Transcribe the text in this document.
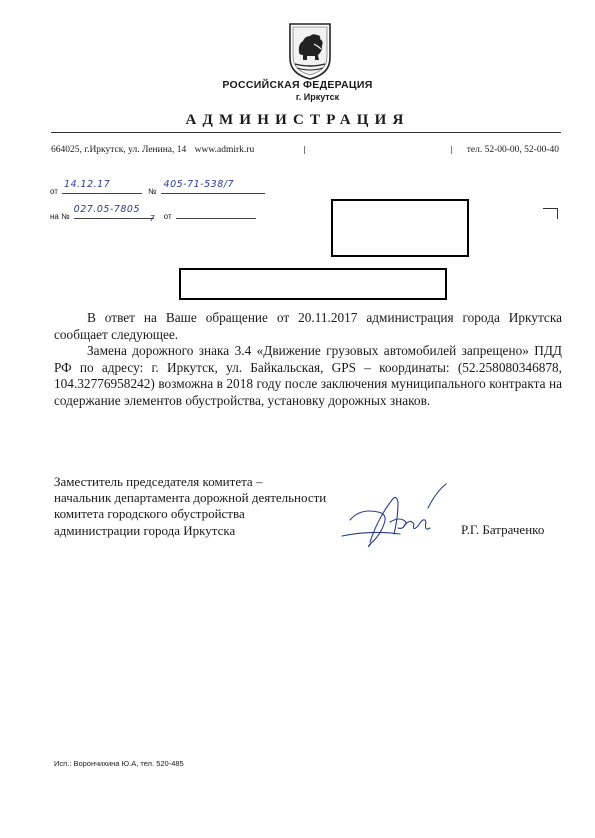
РОССИЙСКАЯ ФЕДЕРАЦИЯ
г. Иркутск
АДМИНИСТРАЦИЯ
664025, г.Иркутск, ул. Ленина, 14 www.admirk.ru	тел. 52-00-00, 52-00-40
от
14.12.17
№
405-71-538/7
на №
027.05-7805
7 от

В ответ на Ваше обращение от 20.11.2017 администрация города Иркутска сообщает следующее.

Замена дорожного знака 3.4 «Движение грузовых автомобилей запрещено» ПДД РФ по адресу: г. Иркутск, ул. Байкальская, GPS – координаты: (52.258080346878, 104.32776958242) возможна в 2018 году после заключения муниципального контракта на содержание элементов обустройства, установку дорожных знаков.

Заместитель председателя комитета –
начальник департамента дорожной деятельности
комитета городского обустройства
администрации города Иркутска	Р.Г. Батраченко
Исп.: Ворончихина Ю.А, тел. 520-485
